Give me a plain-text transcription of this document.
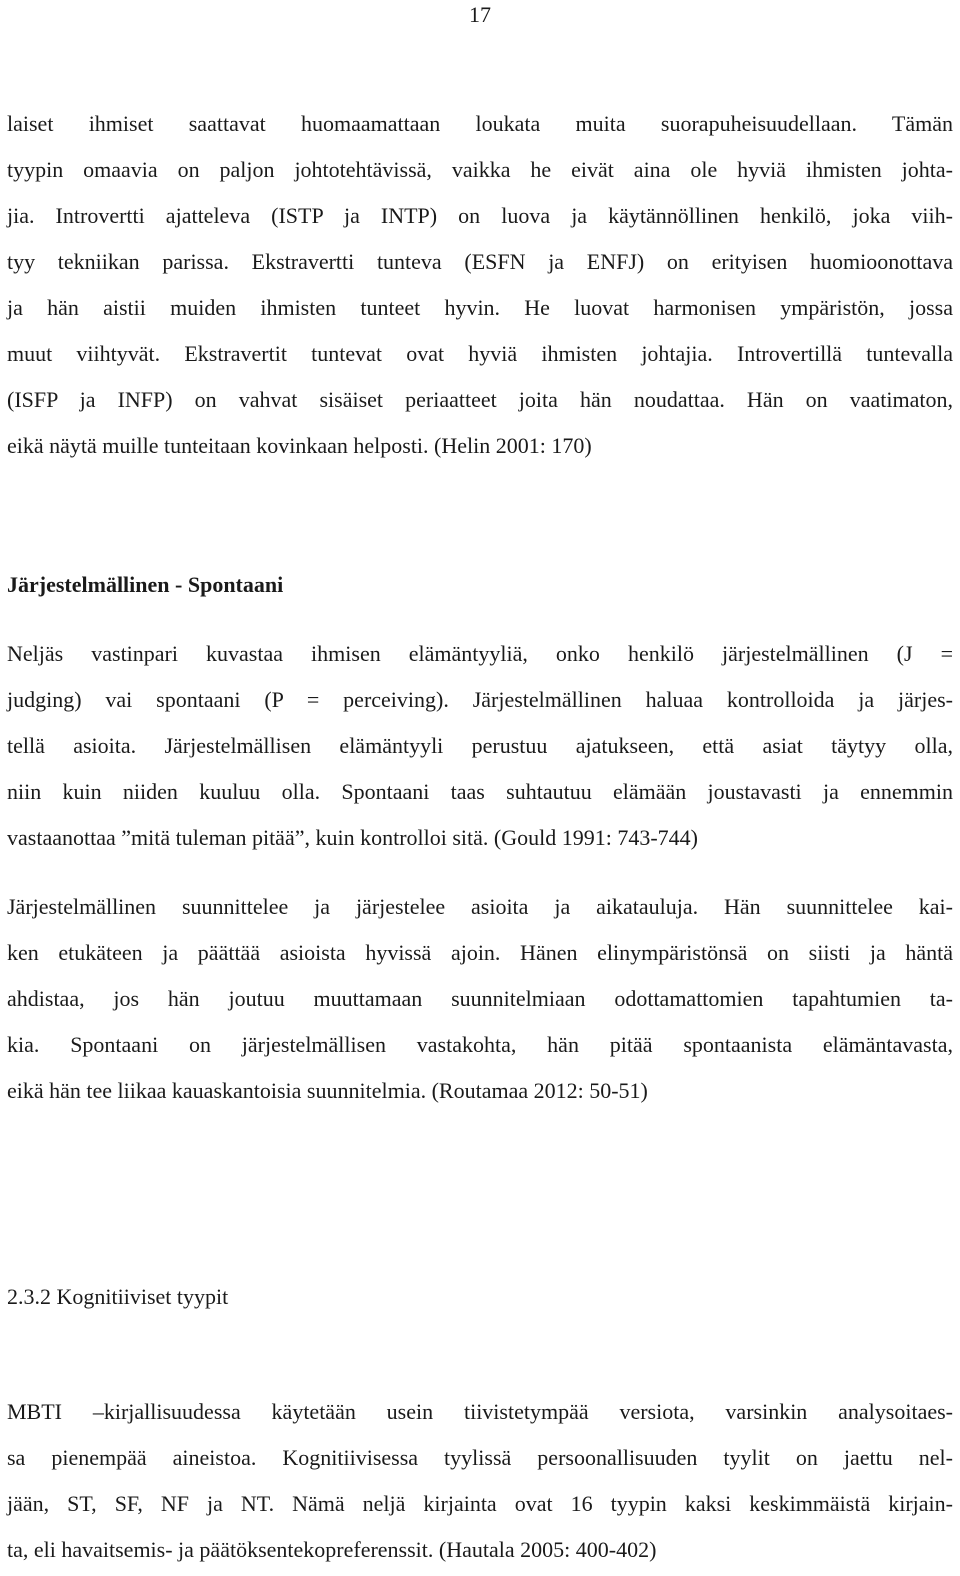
17
laiset ihmiset saattavat huomaamattaan loukata muita suorapuheisuudellaan. Tämän
tyypin omaavia on paljon johtotehtävissä, vaikka he eivät aina ole hyviä ihmisten johta-
jia. Introvertti ajatteleva (ISTP ja INTP) on luova ja käytännöllinen henkilö, joka viih-
tyy tekniikan parissa. Ekstravertti tunteva (ESFN ja ENFJ) on erityisen huomioonottava
ja hän aistii muiden ihmisten tunteet hyvin. He luovat harmonisen ympäristön, jossa
muut viihtyvät. Ekstravertit tuntevat ovat hyviä ihmisten johtajia. Introvertillä tuntevalla
(ISFP ja INFP) on vahvat sisäiset periaatteet joita hän noudattaa. Hän on vaatimaton,
eikä näytä muille tunteitaan kovinkaan helposti. (Helin 2001: 170)
Järjestelmällinen - Spontaani
Neljäs vastinpari kuvastaa ihmisen elämäntyyliä, onko henkilö järjestelmällinen (J =
judging) vai spontaani (P = perceiving). Järjestelmällinen haluaa kontrolloida ja järjes-
tellä asioita. Järjestelmällisen elämäntyyli perustuu ajatukseen, että asiat täytyy olla,
niin kuin niiden kuuluu olla. Spontaani taas suhtautuu elämään joustavasti ja ennemmin
vastaanottaa ”mitä tuleman pitää”, kuin kontrolloi sitä. (Gould 1991: 743-744)
Järjestelmällinen suunnittelee ja järjestelee asioita ja aikatauluja. Hän suunnittelee kai-
ken etukäteen ja päättää asioista hyvissä ajoin. Hänen elinympäristönsä on siisti ja häntä
ahdistaa, jos hän joutuu muuttamaan suunnitelmiaan odottamattomien tapahtumien ta-
kia. Spontaani on järjestelmällisen vastakohta, hän pitää spontaanista elämäntavasta,
eikä hän tee liikaa kauaskantoisia suunnitelmia. (Routamaa 2012: 50-51)
2.3.2 Kognitiiviset tyypit
MBTI –kirjallisuudessa käytetään usein tiivistetympää versiota, varsinkin analysoitaes-
sa pienempää aineistoa. Kognitiivisessa tyylissä persoonallisuuden tyylit on jaettu nel-
jään, ST, SF, NF ja NT. Nämä neljä kirjainta ovat 16 tyypin kaksi keskimmäistä kirjain-
ta, eli havaitsemis- ja päätöksentekopreferenssit. (Hautala 2005: 400-402)
